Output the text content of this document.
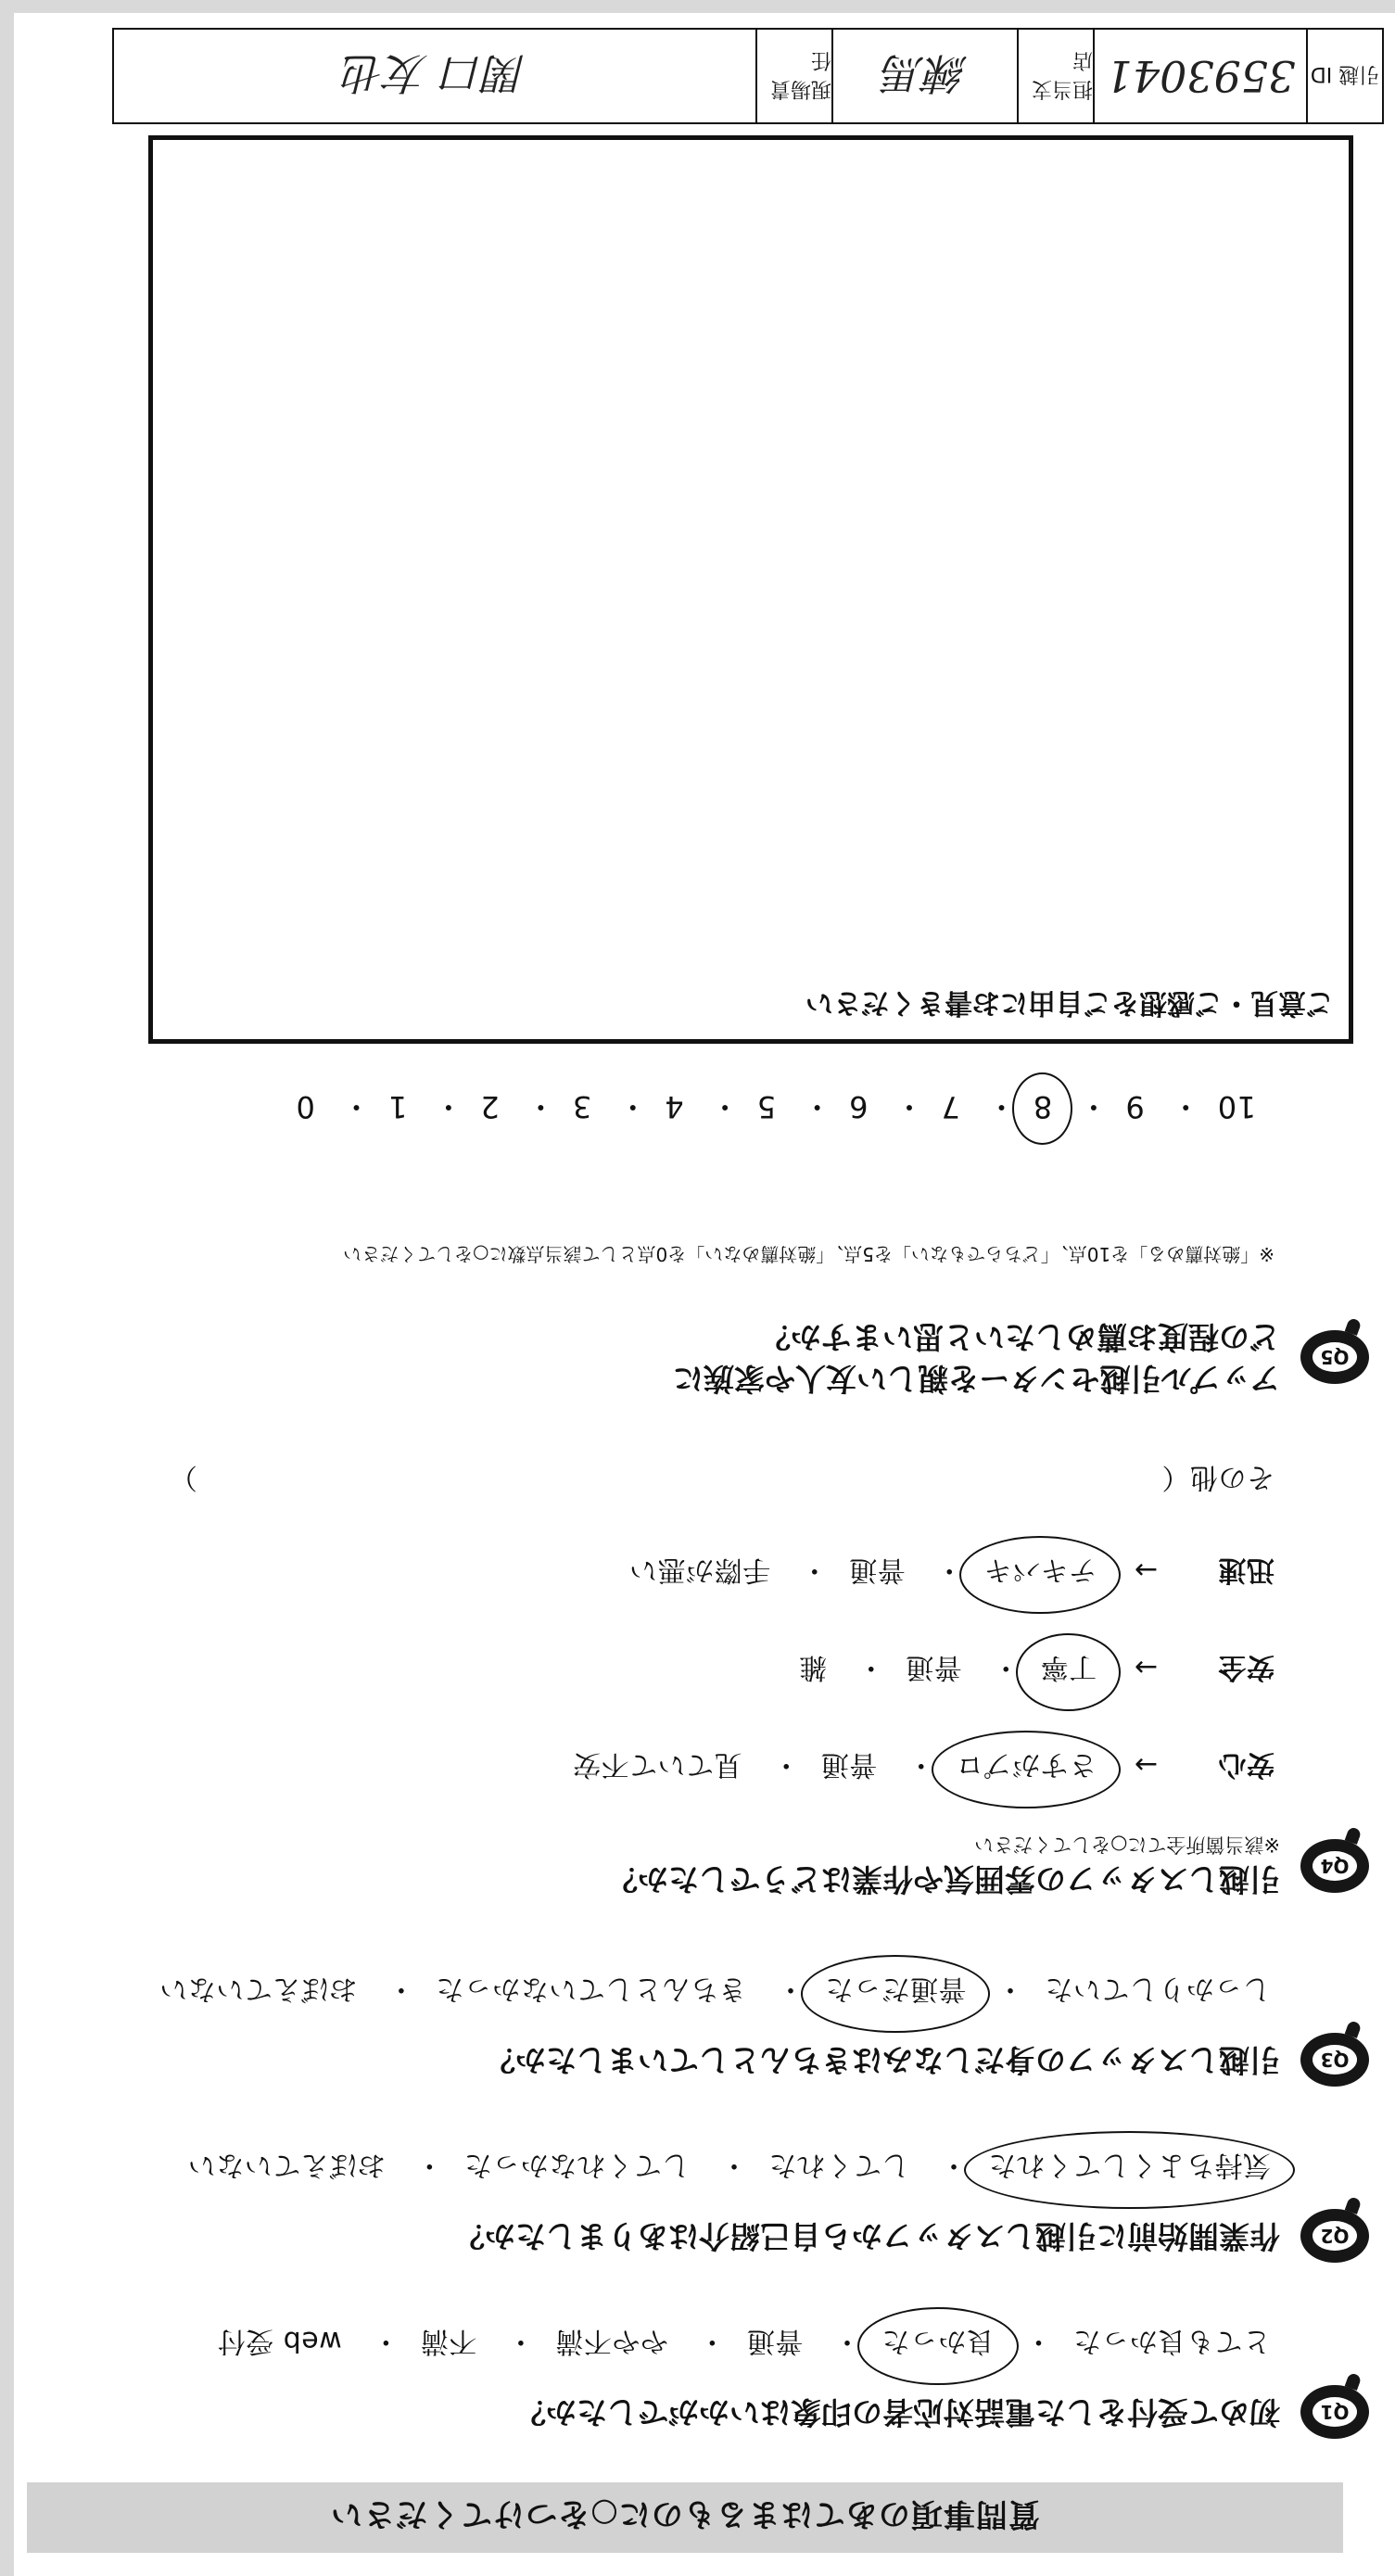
質問事項のあてはまるものに○をつけてください
Q1
初めて受付をした電話対応者の印象はいかがでしたか？
とても良かった・ 良かった・ 普通・ やや不満・ 不満・ web 受付
Q2
作業開始前に引越しスタッフから自己紹介はありましたか？
気持ちよくしてくれた・ してくれた・ してくれなかった・ おぼえていない
Q3
引越しスタッフの身だしなみはきちんとしていましたか？
しっかりしていた・ 普通だった・ きちんとしていなかった・ おぼえていない
Q4
引越しスタッフの雰囲気や作業はどうでしたか？
※該当箇所全てに○をしてください
安心 → さすがプロ・ 普通・ 見ていて不安
安全 → 丁寧・ 普通・ 雑
迅速 → テキパキ・ 普通・ 手際が悪い
その他（  ）
Q5
アップル引越センターを親しい友人や家族に
どの程度お薦めしたいと思いますか？
※「絶対薦める」を10点、「どちらでもない」を5点、「絶対薦めない」を0点として該当点数に○をしてください
10・ 9・ 8・ 7・ 6・ 5・ 4・ 3・ 2・ 1・ 0
ご意見・ご感想をご自由にお書きください
引越 ID
3593041
担当支店
練馬
現場責任
関口 友也
